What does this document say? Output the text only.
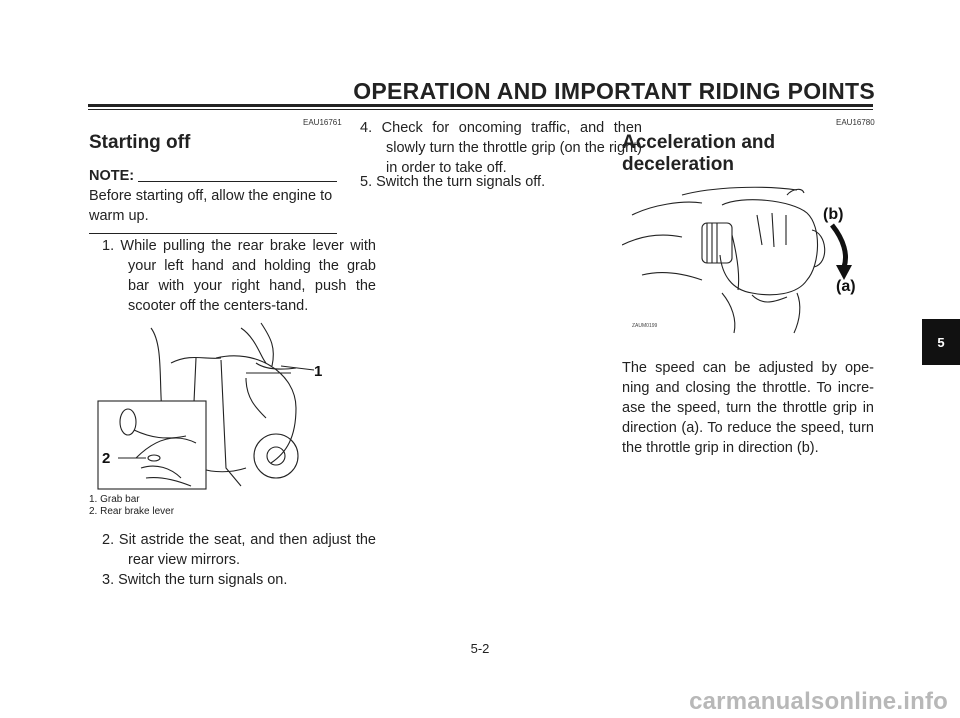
OPERATION AND IMPORTANT RIDING POINTS
EAU16761
Starting off
NOTE:
Before starting off, allow the engine to warm up.
1. While pulling the rear brake lever with your left hand and holding the grab bar with your right hand, push the scooter off the centers-tand.
1
2
1. Grab bar
2. Rear brake lever
2. Sit astride the seat, and then adjust the rear view mirrors.
3. Switch the turn signals on.
4. Check for oncoming traffic, and then slowly turn the throttle grip (on the right) in order to take off.
5. Switch the turn signals off.
EAU16780
Acceleration and deceleration
(b)
(a)
ZAUM0199
The speed can be adjusted by ope-ning and closing the throttle. To incre-ase the speed, turn the throttle grip in direction (a). To reduce the speed, turn the throttle grip in direction (b).
5
5-2
carmanualsonline.info
